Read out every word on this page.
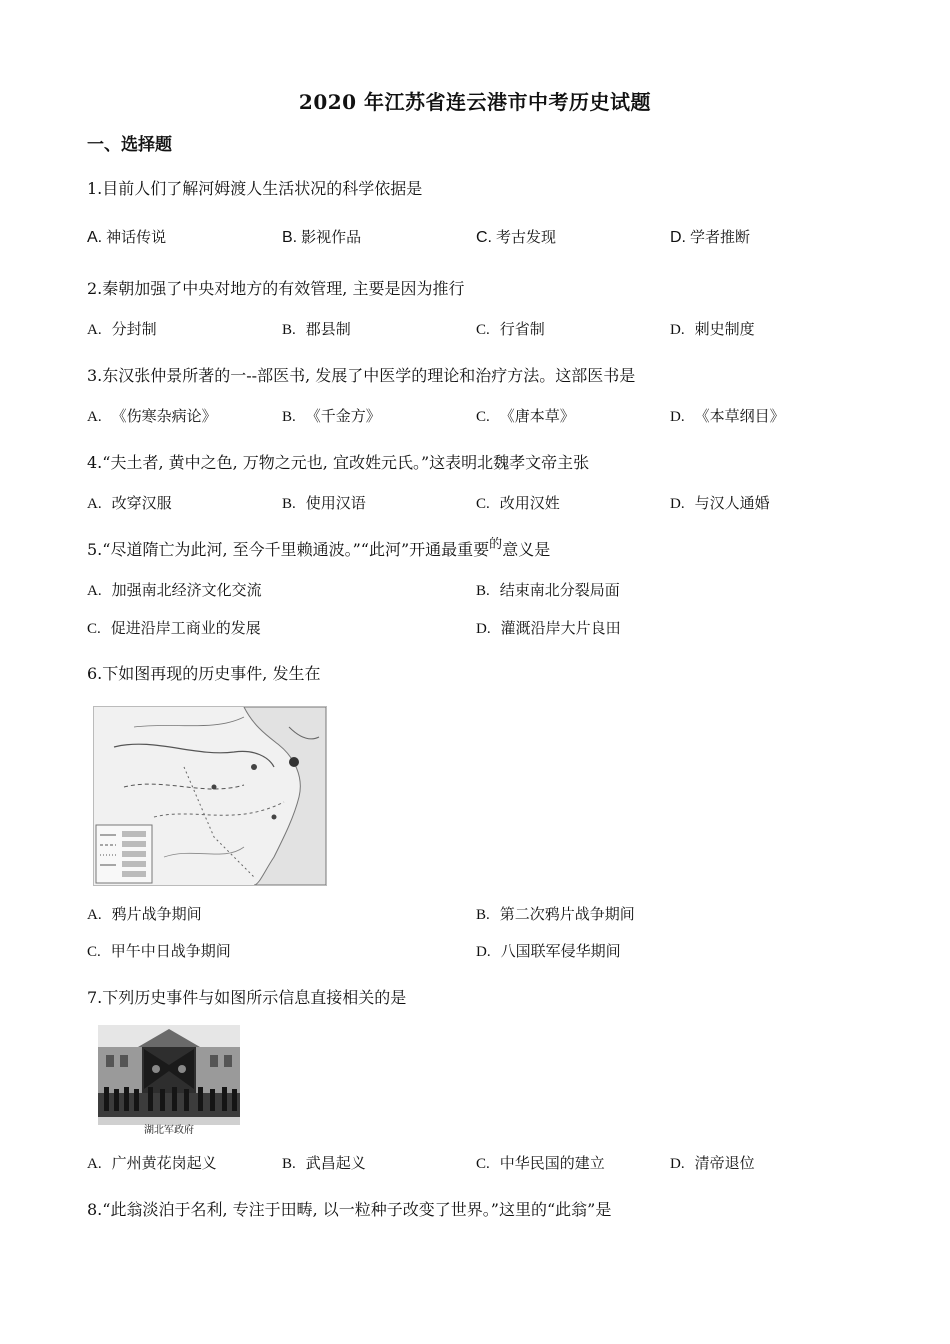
2020 年江苏省连云港市中考历史试题
一、选择题
1.目前人们了解河姆渡人生活状况的科学依据是
A. 神话传说	B. 影视作品	C. 考古发现	D. 学者推断
2.秦朝加强了中央对地方的有效管理, 主要是因为推行
A. 分封制	B. 郡县制	C. 行省制	D. 刺史制度
3.东汉张仲景所著的一--部医书, 发展了中医学的理论和治疗方法。这部医书是
A. 《伤寒杂病论》	B. 《千金方》	C. 《唐本草》	D. 《本草纲目》
4.“夫土者, 黄中之色, 万物之元也, 宜改姓元氏。”这表明北魏孝文帝主张
A. 改穿汉服	B. 使用汉语	C. 改用汉姓	D. 与汉人通婚
5.“尽道隋亡为此河, 至今千里赖通波。”“此河”开通最重要$^的$意义是
A. 加强南北经济文化交流	B. 结束南北分裂局面
C. 促进沿岸工商业的发展	D. 灌溉沿岸大片良田
6.下如图再现的历史事件, 发生在
A. 鸦片战争期间	B. 第二次鸦片战争期间
C. 甲午中日战争期间	D. 八国联军侵华期间
7.下列历史事件与如图所示信息直接相关的是
湖北军政府
A. 广州黄花岗起义	B. 武昌起义	C. 中华民国的建立	D. 清帝退位
8.“此翁淡泊于名利, 专注于田畴, 以一粒种子改变了世界。”这里的“此翁”是
